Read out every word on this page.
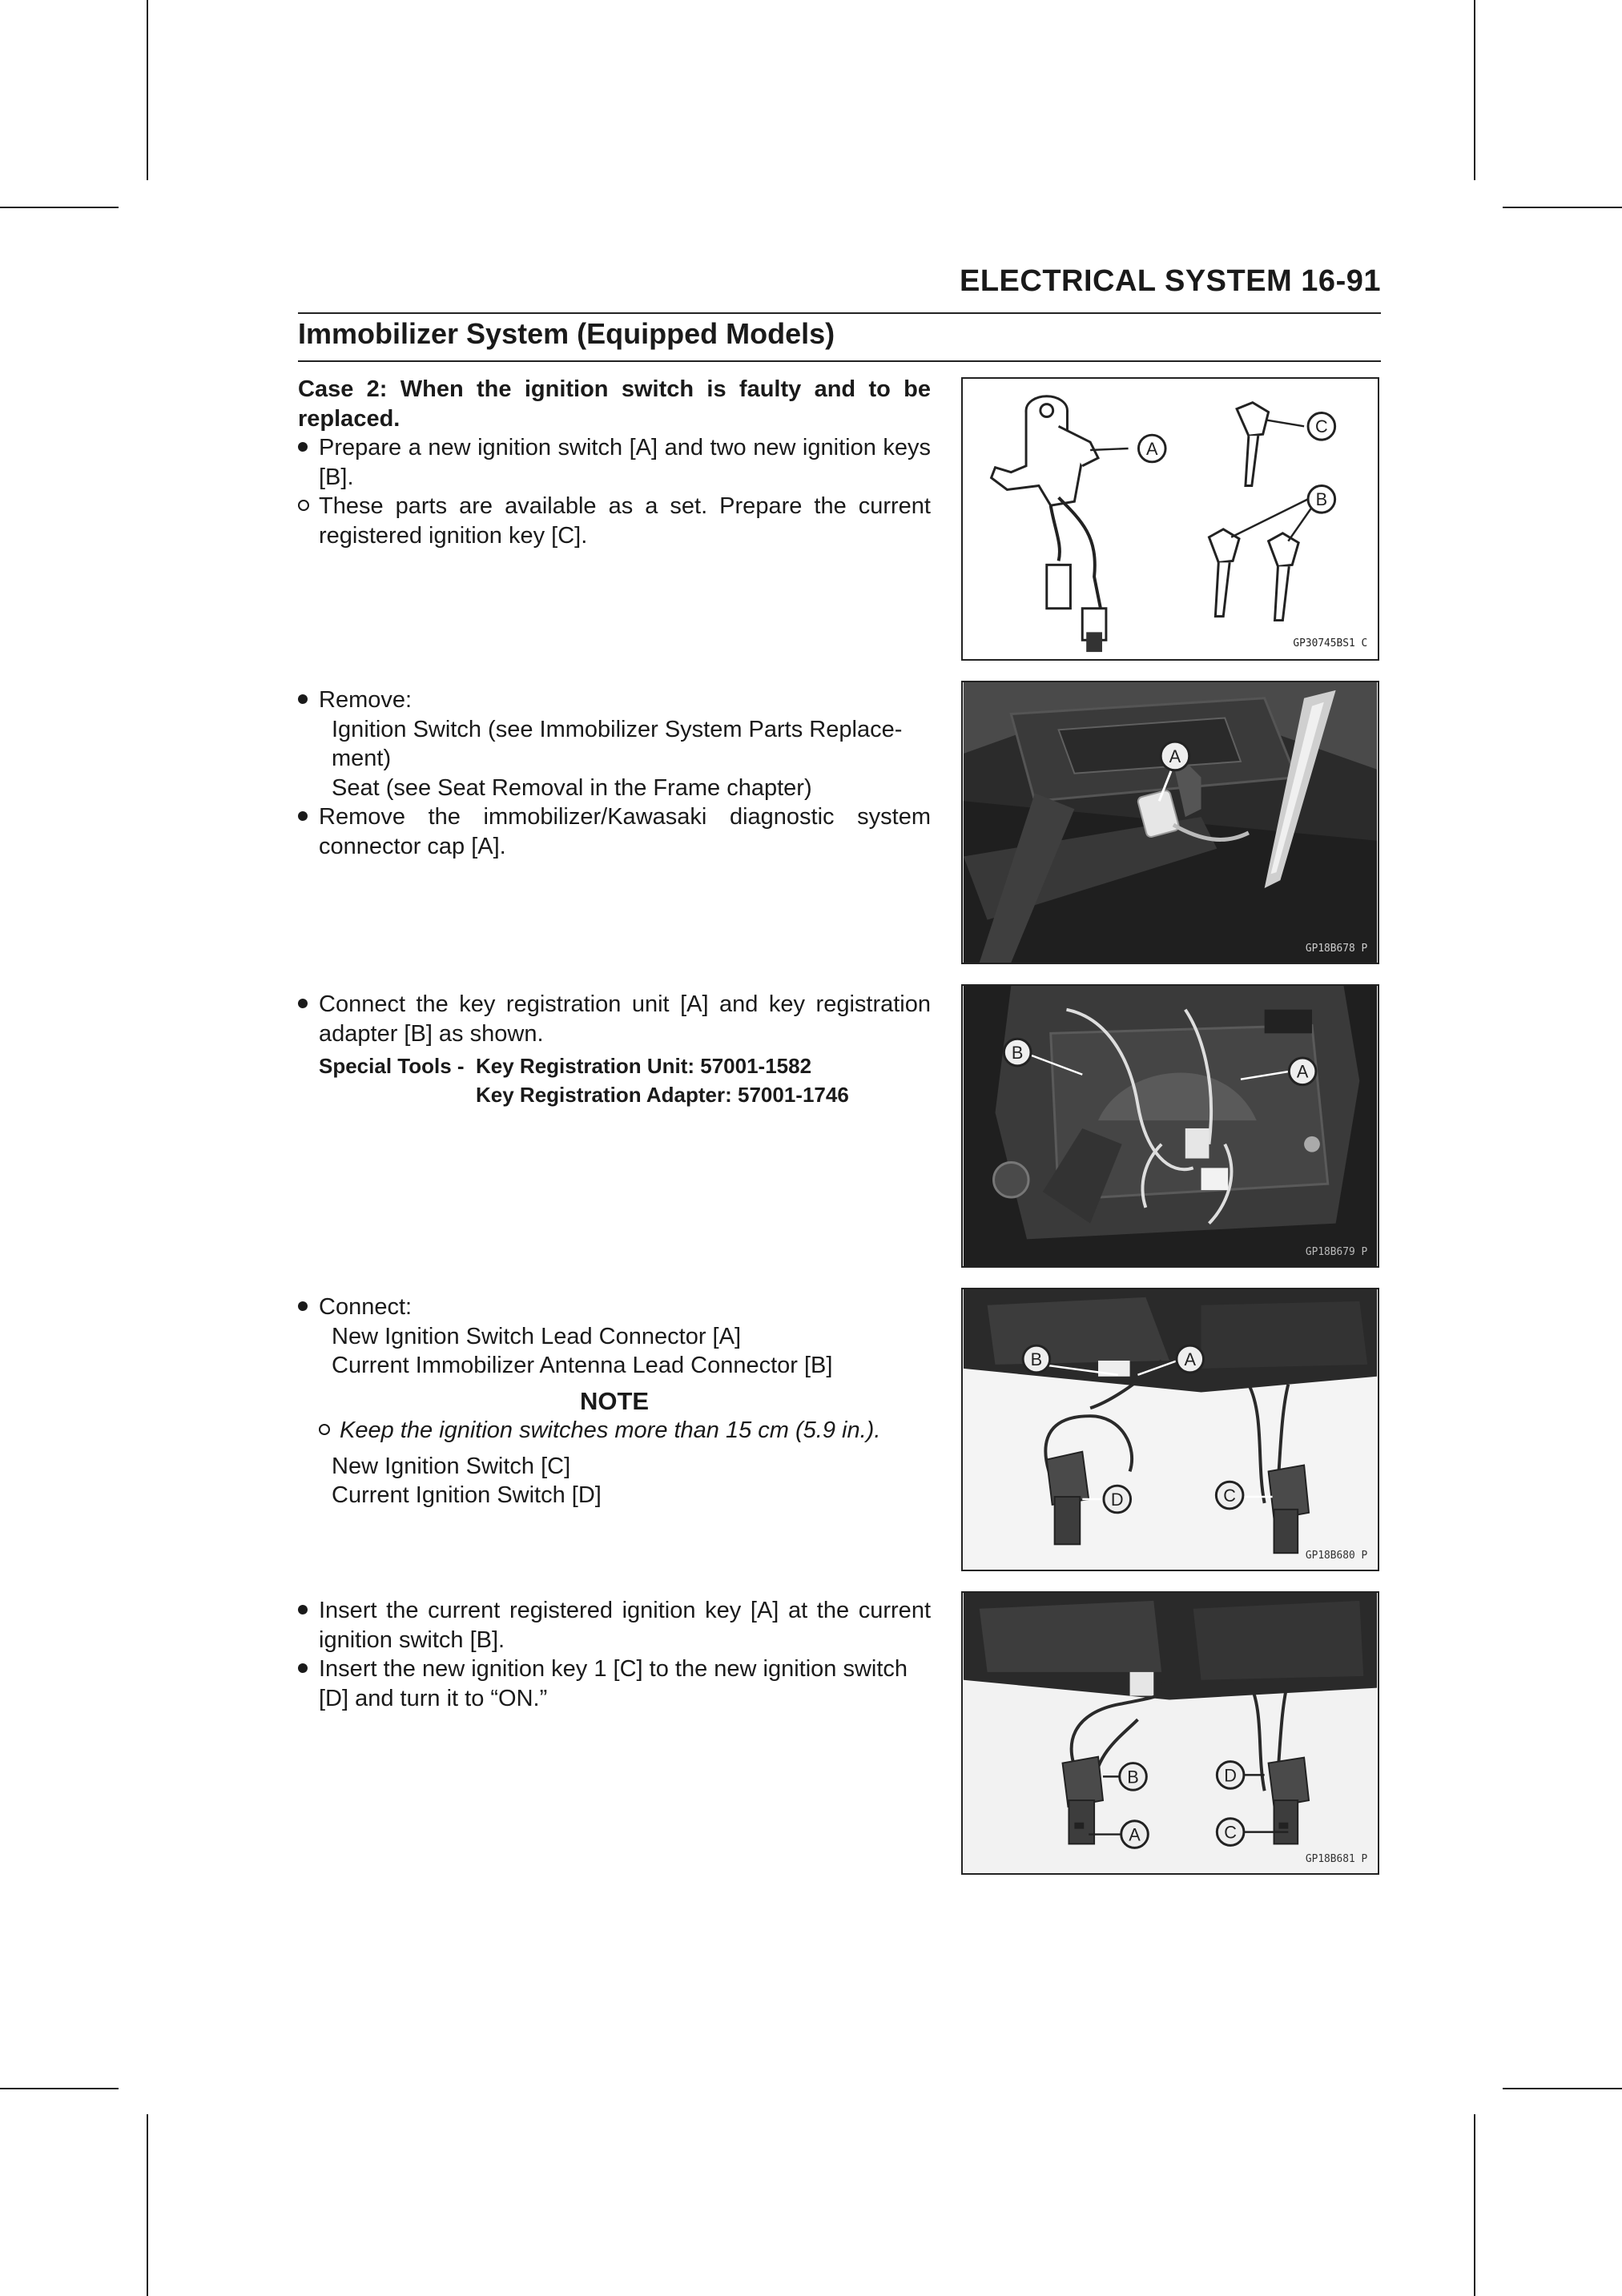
ELECTRICAL SYSTEM 16-91
Immobilizer System (Equipped Models)
Case 2: When the ignition switch is faulty and to be replaced.
Prepare a new ignition switch [A] and two new ignition keys [B].
These parts are available as a set. Prepare the current registered ignition key [C].
Remove:
Ignition Switch (see Immobilizer System Parts Replace-ment)
Seat (see Seat Removal in the Frame chapter)
Remove the immobilizer/Kawasaki diagnostic system connector cap [A].
Connect the key registration unit [A] and key registration adapter [B] as shown.
Special Tools - Key Registration Unit: 57001-1582
Key Registration Adapter: 57001-1746
Connect:
New Ignition Switch Lead Connector [A]
Current Immobilizer Antenna Lead Connector [B]
NOTE
Keep the ignition switches more than 15 cm (5.9 in.).
New Ignition Switch [C]
Current Ignition Switch [D]
Insert the current registered ignition key [A] at the current ignition switch [B].
Insert the new ignition key 1 [C] to the new ignition switch [D] and turn it to “ON.”
A
C
B
GP30745BS1 C
A
GP18B678 P
B
A
GP18B679 P
B	A
C
D
GP18B680 P
B
A
D
C
GP18B681 P
